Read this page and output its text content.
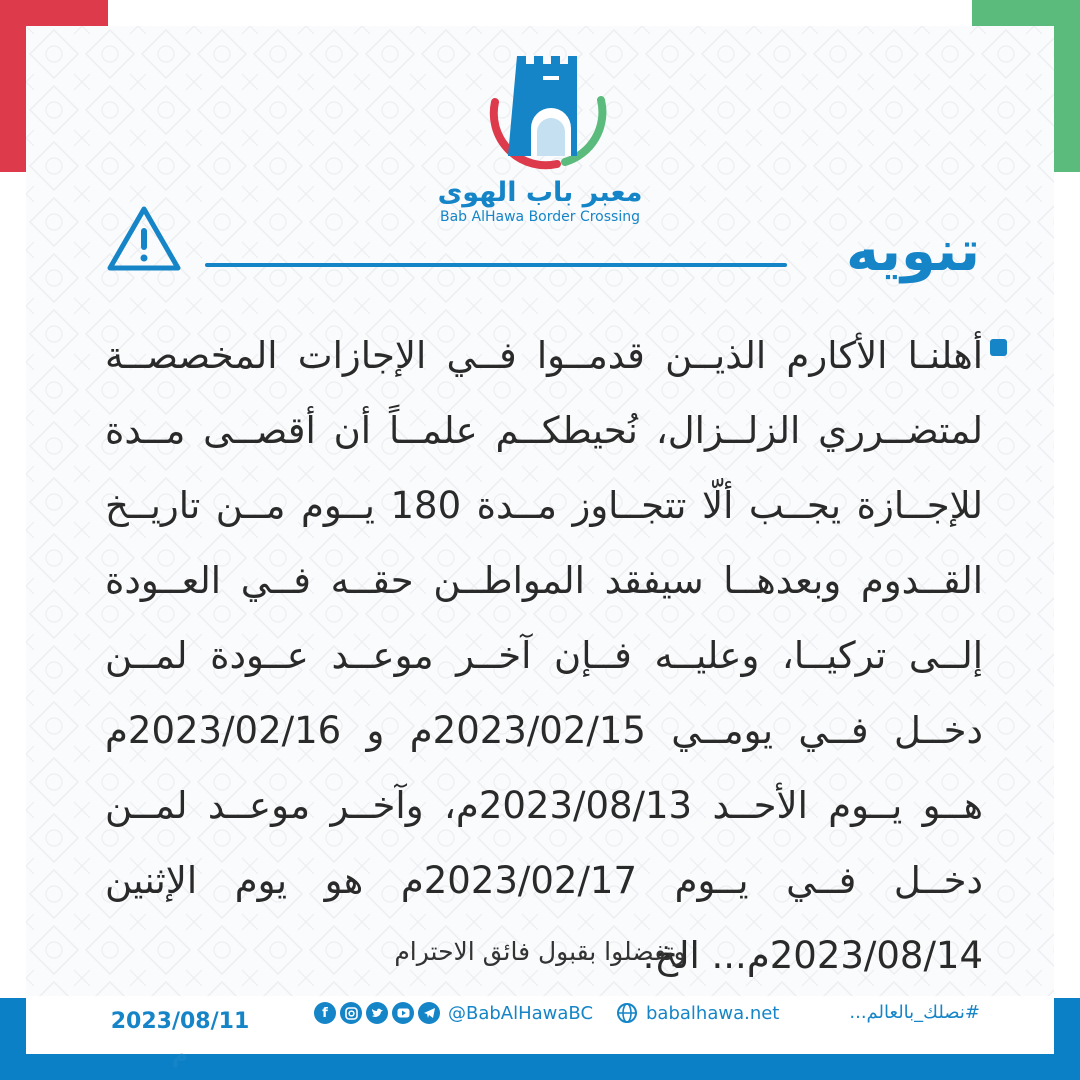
معبر باب الهوى
Bab AlHawa Border Crossing
تنويه
أهلنـا الأكارم الذيــن قدمــوا فــي الإجازات المخصصــة لمتضــرري الزلــزال، نُحيطكــم علمــاً أن أقصــى مــدة للإجــازة يجــب ألّا تتجــاوز مــدة 180 يــوم مــن تاريــخ القــدوم وبعدهــا سيفقد المواطــن حقــه فــي العــودة إلــى تركيــا، وعليــه فــإن آخــر موعــد عــودة لمــن دخــل فــي يومــي 2023/02/15م و 2023/02/16م هــو يــوم الأحــد 2023/08/13م، وآخــر موعــد لمــن دخــل فــي يــوم 2023/02/17م هو يوم الإثنين 2023/08/14م... الخ.
وتفضلوا بقبول فائق الاحترام
2023/08/11 م
f	@BabAlHawaBC	babalhawa.net	#نصلك_بالعالم...
